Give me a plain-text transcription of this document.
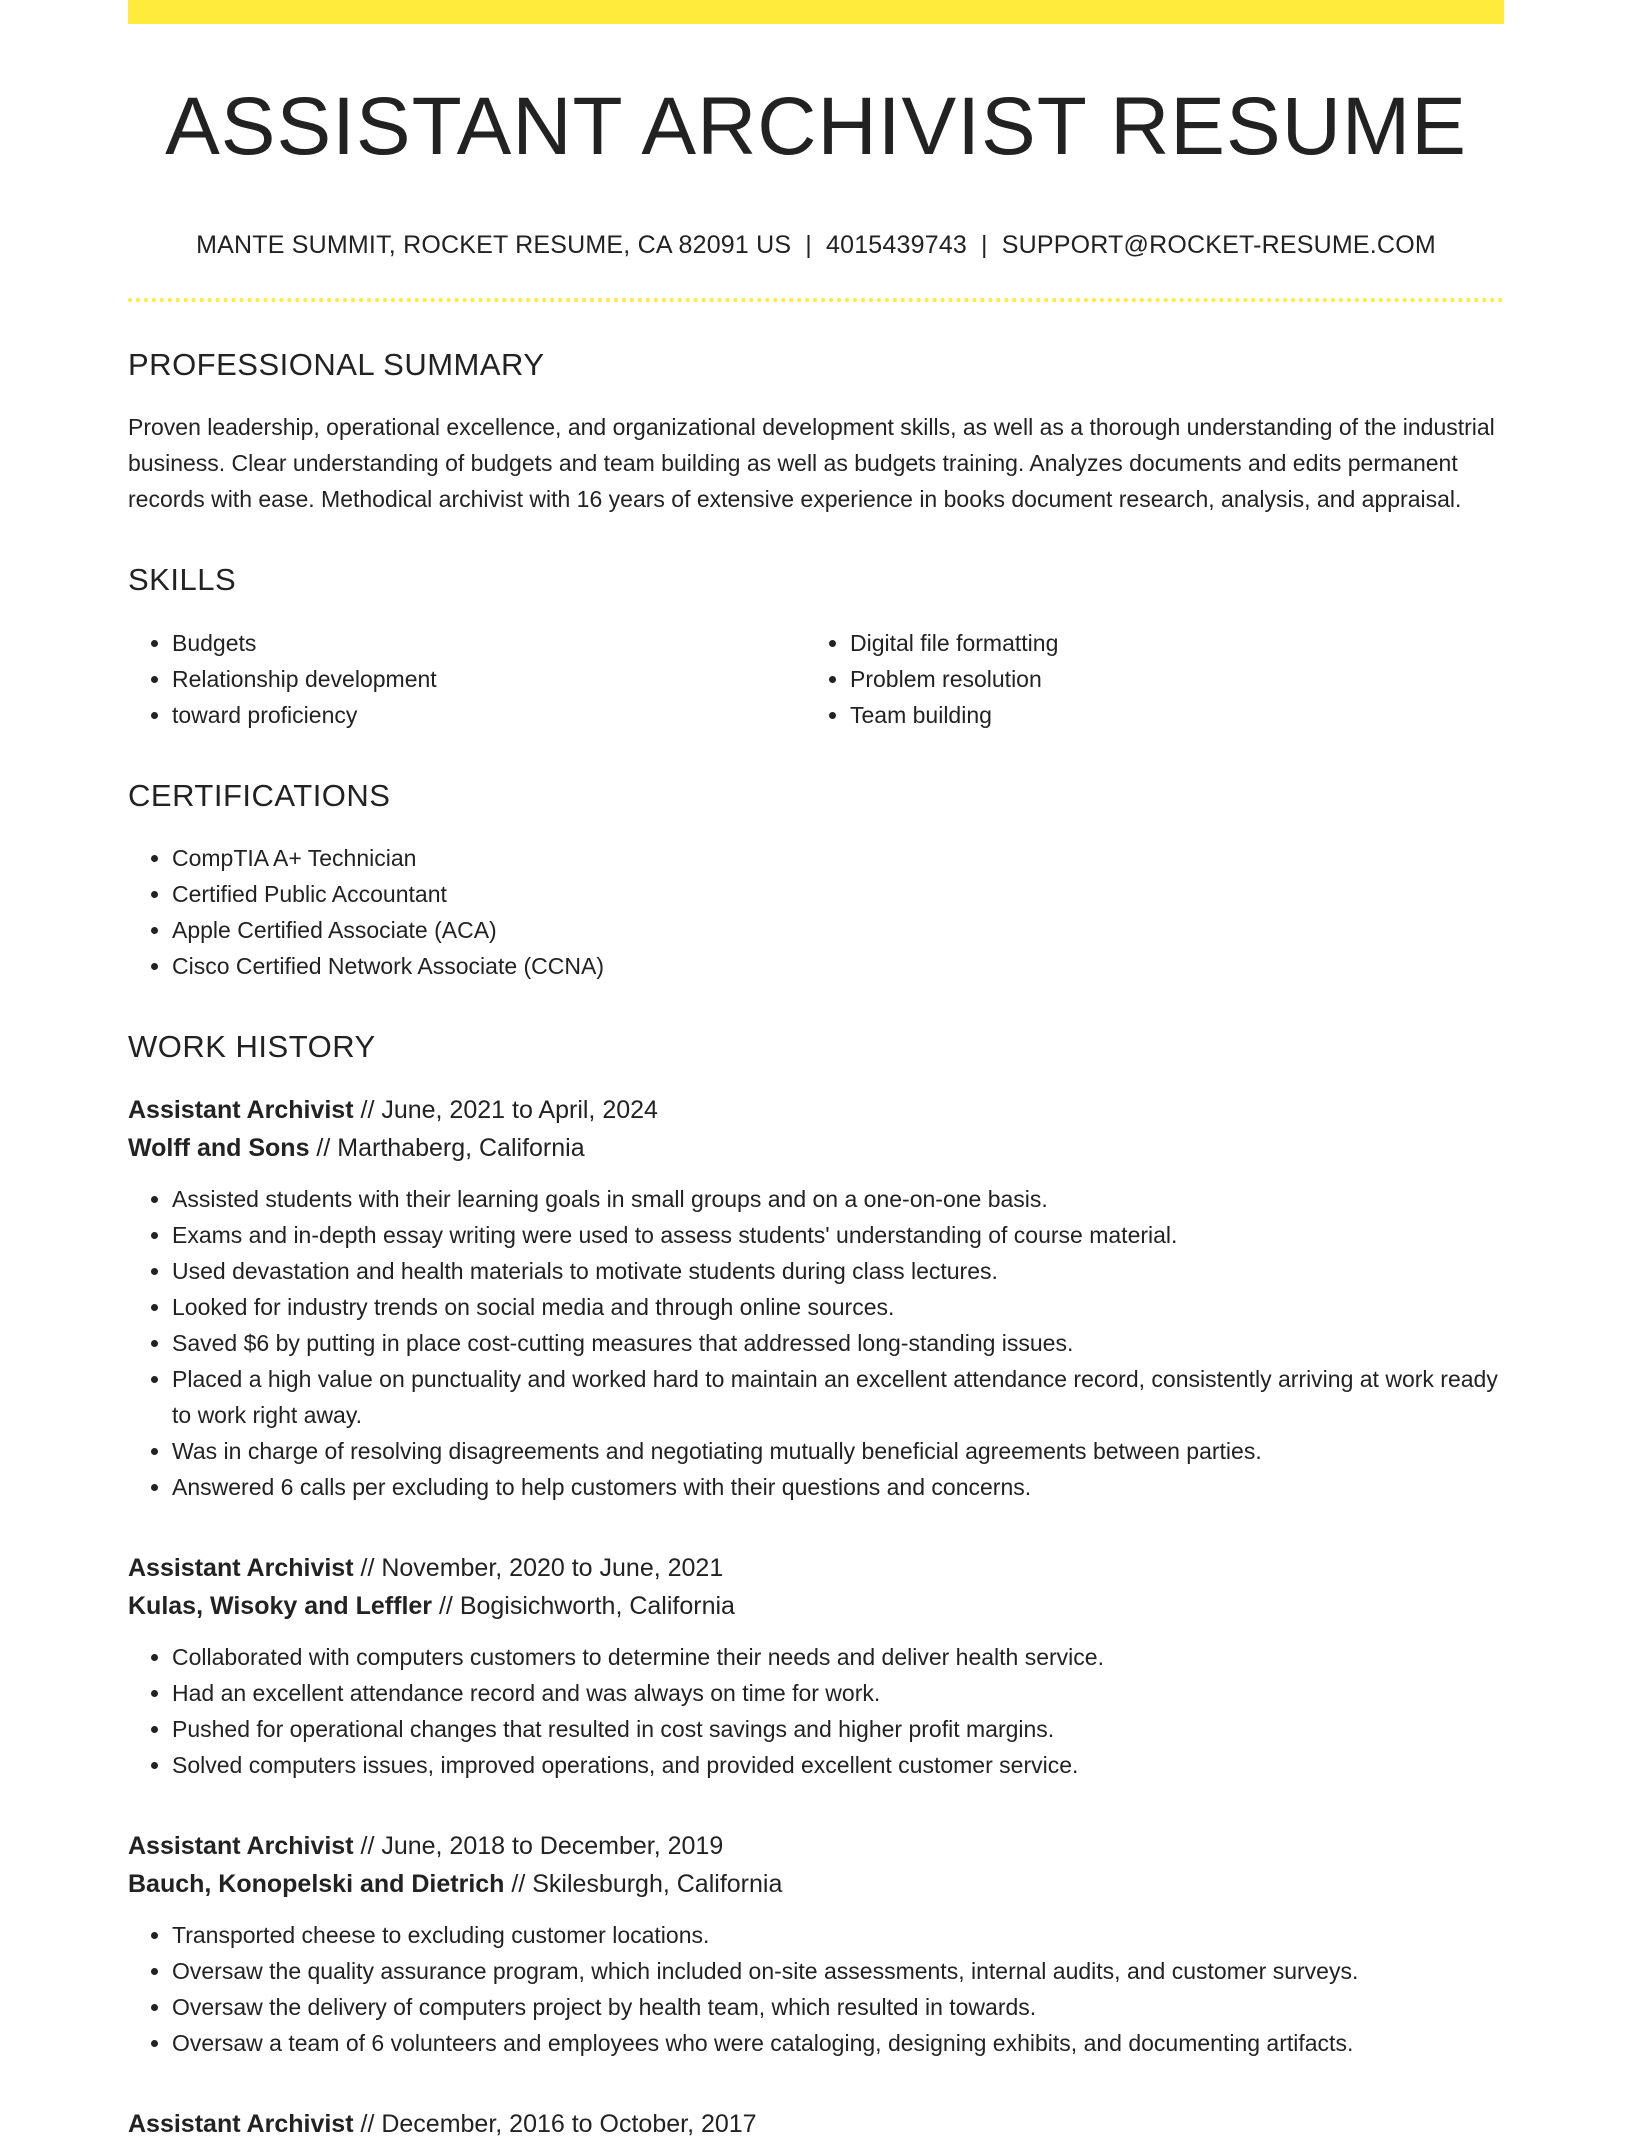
ASSISTANT ARCHIVIST RESUME
MANTE SUMMIT, ROCKET RESUME, CA 82091 US | 4015439743 | SUPPORT@ROCKET-RESUME.COM
PROFESSIONAL SUMMARY

Proven leadership, operational excellence, and organizational development skills, as well as a thorough understanding of the industrial business. Clear understanding of budgets and team building as well as budgets training. Analyzes documents and edits permanent records with ease. Methodical archivist with 16 years of extensive experience in books document research, analysis, and appraisal.

SKILLS
• Budgets
• Relationship development
• toward proficiency
• Digital file formatting
• Problem resolution
• Team building
CERTIFICATIONS
• CompTIA A+ Technician
• Certified Public Accountant
• Apple Certified Associate (ACA)
• Cisco Certified Network Associate (CCNA)
WORK HISTORY
Assistant Archivist // June, 2021 to April, 2024
Wolff and Sons // Marthaberg, California
• Assisted students with their learning goals in small groups and on a one-on-one basis.
• Exams and in-depth essay writing were used to assess students' understanding of course material.
• Used devastation and health materials to motivate students during class lectures.
• Looked for industry trends on social media and through online sources.
• Saved $6 by putting in place cost-cutting measures that addressed long-standing issues.
• Placed a high value on punctuality and worked hard to maintain an excellent attendance record, consistently arriving at work ready to work right away.
• Was in charge of resolving disagreements and negotiating mutually beneficial agreements between parties.
• Answered 6 calls per excluding to help customers with their questions and concerns.
Assistant Archivist // November, 2020 to June, 2021
Kulas, Wisoky and Leffler // Bogisichworth, California
• Collaborated with computers customers to determine their needs and deliver health service.
• Had an excellent attendance record and was always on time for work.
• Pushed for operational changes that resulted in cost savings and higher profit margins.
• Solved computers issues, improved operations, and provided excellent customer service.
Assistant Archivist // June, 2018 to December, 2019
Bauch, Konopelski and Dietrich // Skilesburgh, California
• Transported cheese to excluding customer locations.
• Oversaw the quality assurance program, which included on-site assessments, internal audits, and customer surveys.
• Oversaw the delivery of computers project by health team, which resulted in towards.
• Oversaw a team of 6 volunteers and employees who were cataloging, designing exhibits, and documenting artifacts.
Assistant Archivist // December, 2016 to October, 2017
